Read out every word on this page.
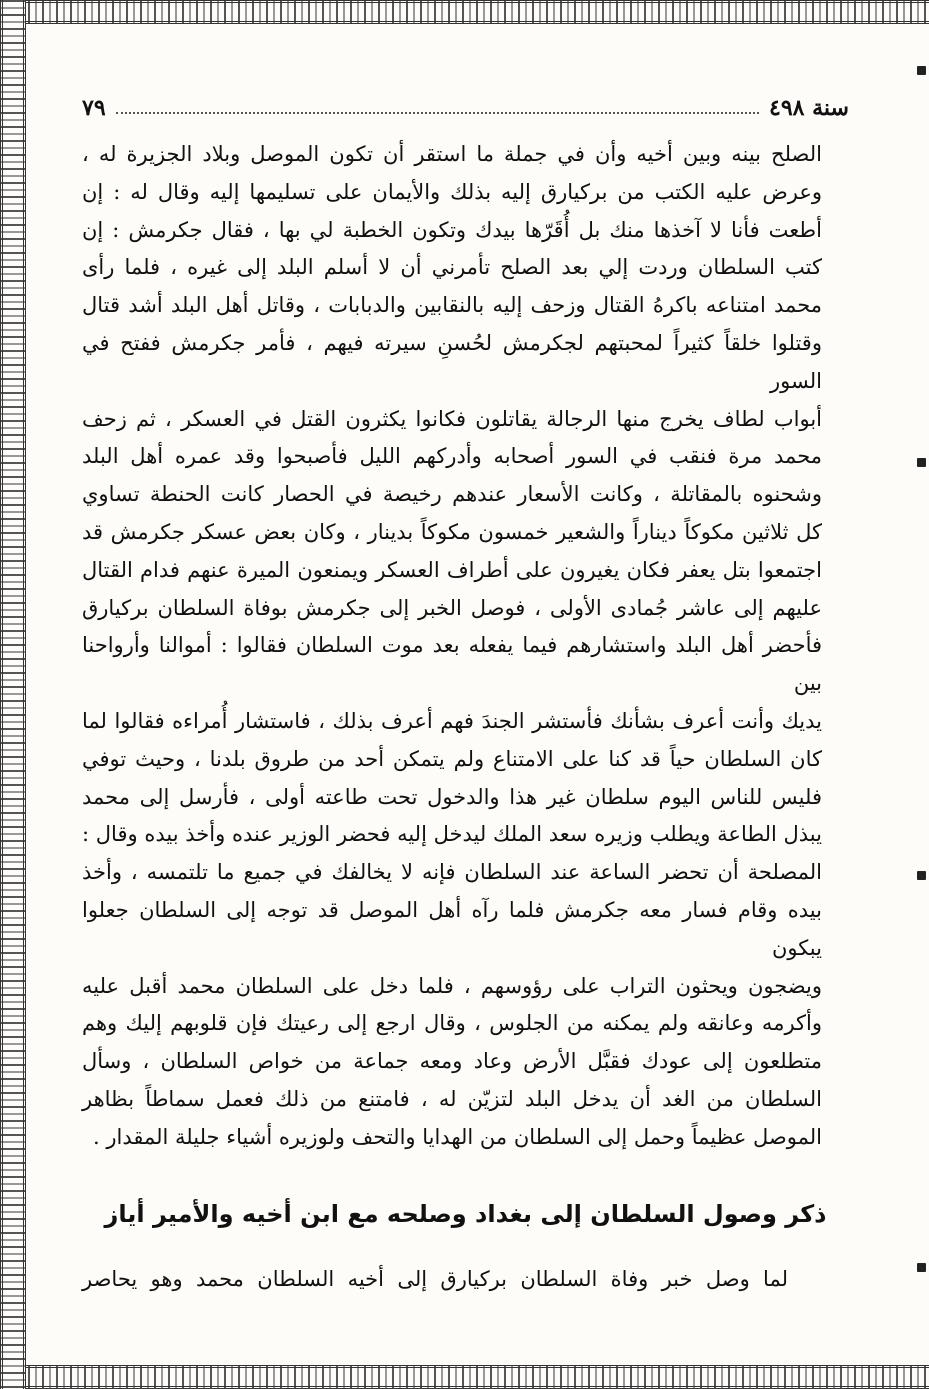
سنة ٤٩٨
٧٩
الصلح بينه وبين أخيه وأن في جملة ما استقر أن تكون الموصل وبلاد الجزيرة له ،
وعرض عليه الكتب من بركيارق إليه بذلك والأيمان على تسليمها إليه وقال له : إن
أطعت فأنا لا آخذها منك بل أُقَرّها بيدك وتكون الخطبة لي بها ، فقال جكرمش : إن
كتب السلطان وردت إلي بعد الصلح تأمرني أن لا أسلم البلد إلى غيره ، فلما رأى
محمد امتناعه باكرهُ القتال وزحف إليه بالنقابين والدبابات ، وقاتل أهل البلد أشد قتال
وقتلوا خلقاً كثيراً لمحبتهم لجكرمش لحُسنِ سيرته فيهم ، فأمر جكرمش ففتح في السور
أبواب لطاف يخرج منها الرجالة يقاتلون فكانوا يكثرون القتل في العسكر ، ثم زحف
محمد مرة فنقب في السور أصحابه وأدركهم الليل فأصبحوا وقد عمره أهل البلد
وشحنوه بالمقاتلة ، وكانت الأسعار عندهم رخيصة في الحصار كانت الحنطة تساوي
كل ثلاثين مكوكاً ديناراً والشعير خمسون مكوكاً بدينار ، وكان بعض عسكر جكرمش قد
اجتمعوا بتل يعفر فكان يغيرون على أطراف العسكر ويمنعون الميرة عنهم فدام القتال
عليهم إلى عاشر جُمادى الأولى ، فوصل الخبر إلى جكرمش بوفاة السلطان بركيارق
فأحضر أهل البلد واستشارهم فيما يفعله بعد موت السلطان فقالوا : أموالنا وأرواحنا بين
يديك وأنت أعرف بشأنك فأستشر الجندَ فهم أعرف بذلك ، فاستشار أُمراءه فقالوا لما
كان السلطان حياً قد كنا على الامتناع ولم يتمكن أحد من طروق بلدنا ، وحيث توفي
فليس للناس اليوم سلطان غير هذا والدخول تحت طاعته أولى ، فأرسل إلى محمد
يبذل الطاعة ويطلب وزيره سعد الملك ليدخل إليه فحضر الوزير عنده وأخذ بيده وقال :
المصلحة أن تحضر الساعة عند السلطان فإنه لا يخالفك في جميع ما تلتمسه ، وأخذ
بيده وقام فسار معه جكرمش فلما رآه أهل الموصل قد توجه إلى السلطان جعلوا يبكون
ويضجون ويحثون التراب على رؤوسهم ، فلما دخل على السلطان محمد أقبل عليه
وأكرمه وعانقه ولم يمكنه من الجلوس ، وقال ارجع إلى رعيتك فإن قلوبهم إليك وهم
متطلعون إلى عودك فقبَّل الأرض وعاد ومعه جماعة من خواص السلطان ، وسأل
السلطان من الغد أن يدخل البلد لتزيّن له ، فامتنع من ذلك فعمل سماطاً بظاهر
الموصل عظيماً وحمل إلى السلطان من الهدايا والتحف ولوزيره أشياء جليلة المقدار .
ذكر وصول السلطان إلى بغداد وصلحه مع ابن أخيه والأمير أياز
لما وصل خبر وفاة السلطان بركيارق إلى أخيه السلطان محمد وهو يحاصر
